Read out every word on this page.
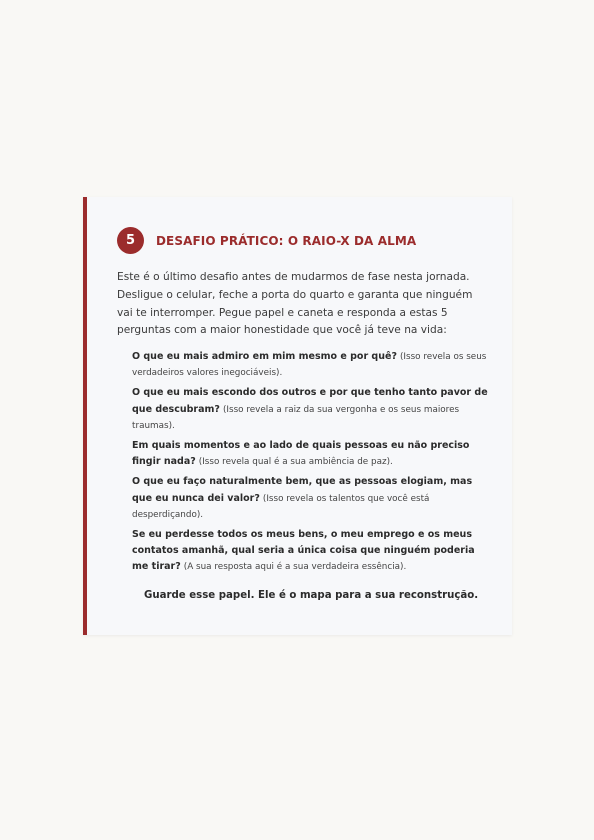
5	DESAFIO PRÁTICO: O RAIO-X DA ALMA
Este é o último desafio antes de mudarmos de fase nesta jornada. Desligue o celular, feche a porta do quarto e garanta que ninguém vai te interromper. Pegue papel e caneta e responda a estas 5 perguntas com a maior honestidade que você já teve na vida:
O que eu mais admiro em mim mesmo e por quê? (Isso revela os seus verdadeiros valores inegociáveis).
O que eu mais escondo dos outros e por que tenho tanto pavor de que descubram? (Isso revela a raiz da sua vergonha e os seus maiores traumas).
Em quais momentos e ao lado de quais pessoas eu não preciso fingir nada? (Isso revela qual é a sua ambiência de paz).
O que eu faço naturalmente bem, que as pessoas elogiam, mas que eu nunca dei valor? (Isso revela os talentos que você está desperdiçando).
Se eu perdesse todos os meus bens, o meu emprego e os meus contatos amanhã, qual seria a única coisa que ninguém poderia me tirar? (A sua resposta aqui é a sua verdadeira essência).
Guarde esse papel. Ele é o mapa para a sua reconstrução.
